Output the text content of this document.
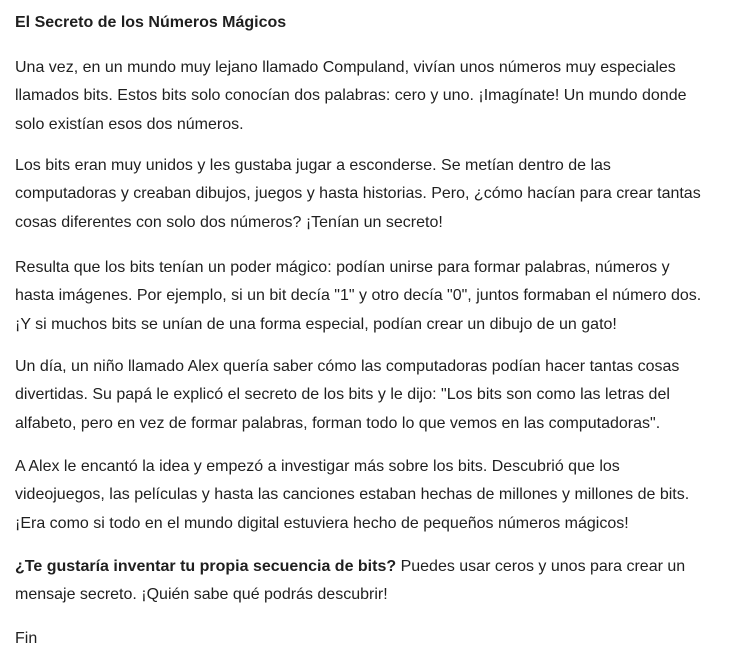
El Secreto de los Números Mágicos

Una vez, en un mundo muy lejano llamado Compuland, vivían unos números muy especiales llamados bits. Estos bits solo conocían dos palabras: cero y uno. ¡Imagínate! Un mundo donde solo existían esos dos números.

Los bits eran muy unidos y les gustaba jugar a esconderse. Se metían dentro de las computadoras y creaban dibujos, juegos y hasta historias. Pero, ¿cómo hacían para crear tantas cosas diferentes con solo dos números? ¡Tenían un secreto!

Resulta que los bits tenían un poder mágico: podían unirse para formar palabras, números y hasta imágenes. Por ejemplo, si un bit decía "1" y otro decía "0", juntos formaban el número dos. ¡Y si muchos bits se unían de una forma especial, podían crear un dibujo de un gato!

Un día, un niño llamado Alex quería saber cómo las computadoras podían hacer tantas cosas divertidas. Su papá le explicó el secreto de los bits y le dijo: "Los bits son como las letras del alfabeto, pero en vez de formar palabras, forman todo lo que vemos en las computadoras".

A Alex le encantó la idea y empezó a investigar más sobre los bits. Descubrió que los videojuegos, las películas y hasta las canciones estaban hechas de millones y millones de bits. ¡Era como si todo en el mundo digital estuviera hecho de pequeños números mágicos!

¿Te gustaría inventar tu propia secuencia de bits? Puedes usar ceros y unos para crear un mensaje secreto. ¡Quién sabe qué podrás descubrir!

Fin
